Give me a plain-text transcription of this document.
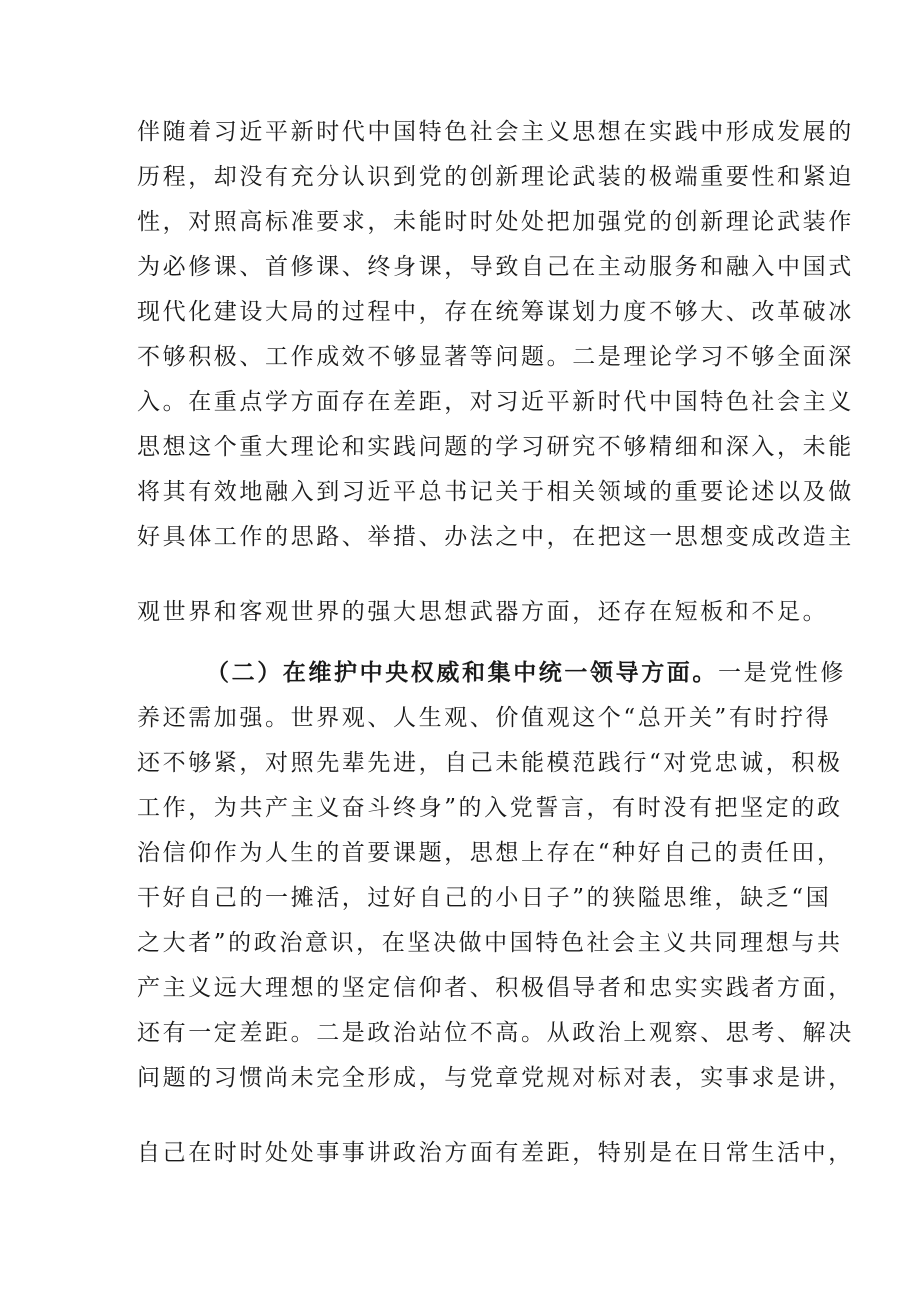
伴随着习近平新时代中国特色社会主义思想在实践中形成发展的
历程，却没有充分认识到党的创新理论武装的极端重要性和紧迫
性，对照高标准要求，未能时时处处把加强党的创新理论武装作
为必修课、首修课、终身课，导致自己在主动服务和融入中国式
现代化建设大局的过程中，存在统筹谋划力度不够大、改革破冰
不够积极、工作成效不够显著等问题。二是理论学习不够全面深
入。在重点学方面存在差距，对习近平新时代中国特色社会主义
思想这个重大理论和实践问题的学习研究不够精细和深入，未能
将其有效地融入到习近平总书记关于相关领域的重要论述以及做
好具体工作的思路、举措、办法之中，在把这一思想变成改造主
观世界和客观世界的强大思想武器方面，还存在短板和不足。
（二）在维护中央权威和集中统一领导方面。一是党性修
养还需加强。世界观、人生观、价值观这个“总开关”有时拧得
还不够紧，对照先辈先进，自己未能模范践行“对党忠诚，积极
工作，为共产主义奋斗终身”的入党誓言，有时没有把坚定的政
治信仰作为人生的首要课题，思想上存在“种好自己的责任田，
干好自己的一摊活，过好自己的小日子”的狭隘思维，缺乏“国
之大者”的政治意识，在坚决做中国特色社会主义共同理想与共
产主义远大理想的坚定信仰者、积极倡导者和忠实实践者方面，
还有一定差距。二是政治站位不高。从政治上观察、思考、解决
问题的习惯尚未完全形成，与党章党规对标对表，实事求是讲，
自己在时时处处事事讲政治方面有差距，特别是在日常生活中，
